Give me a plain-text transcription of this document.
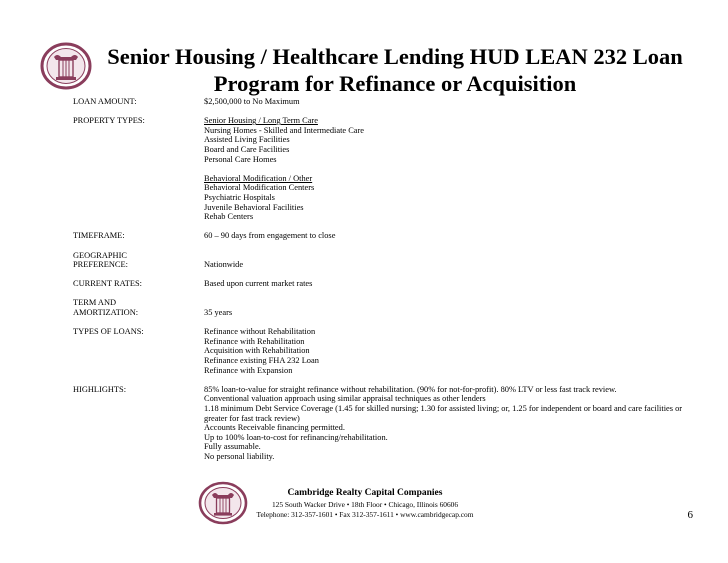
Senior Housing / Healthcare Lending HUD LEAN 232 Loan
Program for Refinance or Acquisition
LOAN AMOUNT:	$2,500,000 to No Maximum
PROPERTY TYPES:	Senior Housing / Long Term Care
Nursing Homes - Skilled and Intermediate Care
Assisted Living Facilities
Board and Care Facilities
Personal Care Homes
Behavioral Modification / Other
Behavioral Modification Centers
Psychiatric Hospitals
Juvenile Behavioral Facilities
Rehab Centers
TIMEFRAME:	60 – 90 days from engagement to close
GEOGRAPHIC
PREFERENCE:	Nationwide
CURRENT RATES:	Based upon current market rates
TERM AND
AMORTIZATION:	35 years
TYPES OF LOANS:	Refinance without Rehabilitation
Refinance with Rehabilitation
Acquisition with Rehabilitation
Refinance existing FHA 232 Loan
Refinance with Expansion
HIGHLIGHTS:	85% loan-to-value for straight refinance without rehabilitation. (90% for not-for-profit). 80% LTV or less fast track review.
Conventional valuation approach using similar appraisal techniques as other lenders
1.18 minimum Debt Service Coverage (1.45 for skilled nursing; 1.30 for assisted living; or, 1.25 for independent or board and care facilities or greater for fast track review)
Accounts Receivable financing permitted.
Up to 100% loan-to-cost for refinancing/rehabilitation.
Fully assumable.
No personal liability.
Cambridge Realty Capital Companies
125 South Wacker Drive • 18th Floor • Chicago, Illinois 60606
Telephone: 312-357-1601 • Fax 312-357-1611 • www.cambridgecap.com	6
